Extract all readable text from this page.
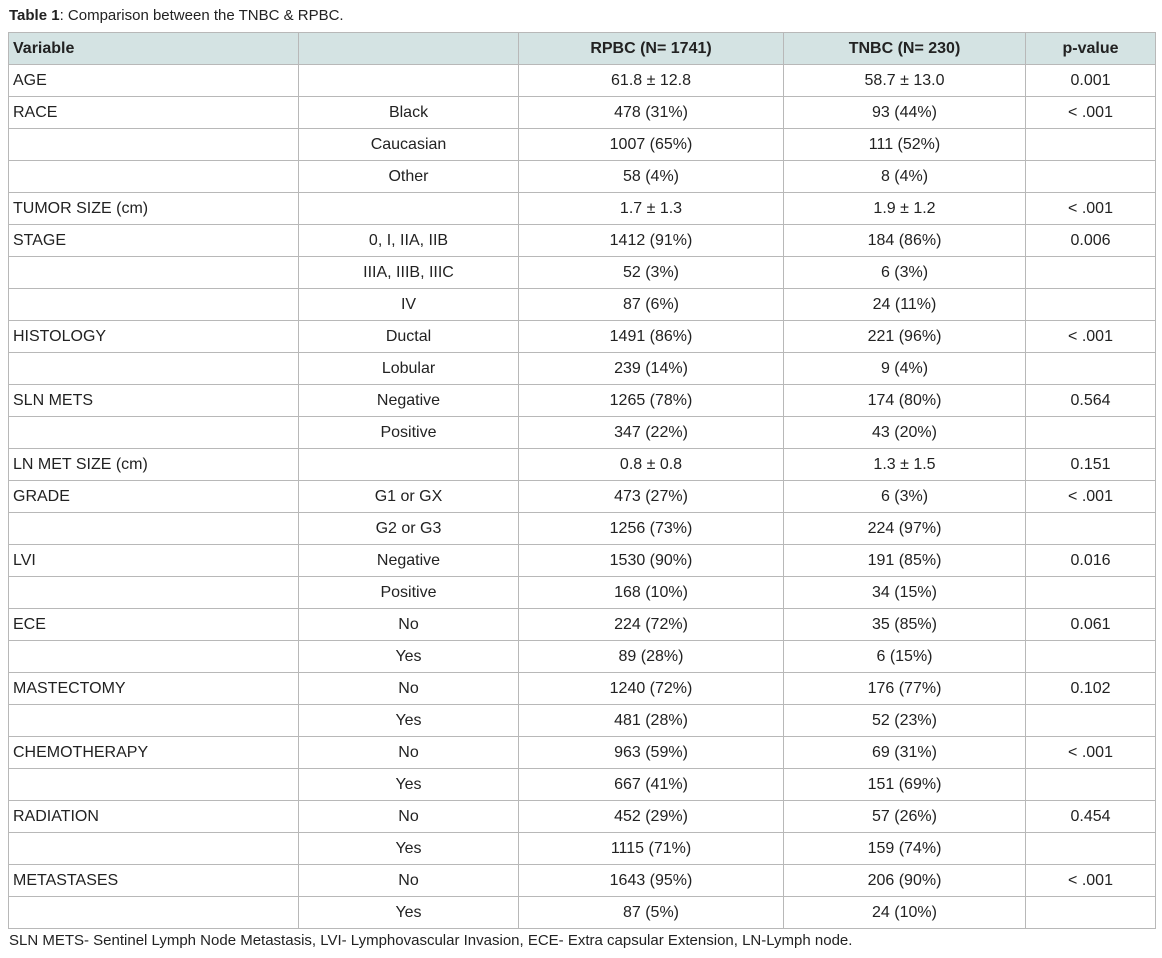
Table 1: Comparison between the TNBC & RPBC.
Variable		RPBC (N= 1741)	TNBC (N= 230)	p-value
AGE		61.8 ± 12.8	58.7 ± 13.0	0.001
RACE	Black	478 (31%)	93 (44%)	< .001
	Caucasian	1007 (65%)	111 (52%)	
	Other	58 (4%)	8 (4%)	
TUMOR SIZE (cm)		1.7 ± 1.3	1.9 ± 1.2	< .001
STAGE	0, I, IIA, IIB	1412 (91%)	184 (86%)	0.006
	IIIA, IIIB, IIIC	52 (3%)	6 (3%)	
	IV	87 (6%)	24 (11%)	
HISTOLOGY	Ductal	1491 (86%)	221 (96%)	< .001
	Lobular	239 (14%)	9 (4%)	
SLN METS	Negative	1265 (78%)	174 (80%)	0.564
	Positive	347 (22%)	43 (20%)	
LN MET SIZE (cm)		0.8 ± 0.8	1.3 ± 1.5	0.151
GRADE	G1 or GX	473 (27%)	6 (3%)	< .001
	G2 or G3	1256 (73%)	224 (97%)	
LVI	Negative	1530 (90%)	191 (85%)	0.016
	Positive	168 (10%)	34 (15%)	
ECE	No	224 (72%)	35 (85%)	0.061
	Yes	89 (28%)	6 (15%)	
MASTECTOMY	No	1240 (72%)	176 (77%)	0.102
	Yes	481 (28%)	52 (23%)	
CHEMOTHERAPY	No	963 (59%)	69 (31%)	< .001
	Yes	667 (41%)	151 (69%)	
RADIATION	No	452 (29%)	57 (26%)	0.454
	Yes	1115 (71%)	159 (74%)	
METASTASES	No	1643 (95%)	206 (90%)	< .001
	Yes	87 (5%)	24 (10%)	
SLN METS- Sentinel Lymph Node Metastasis, LVI- Lymphovascular Invasion, ECE- Extra capsular Extension, LN-Lymph node.
